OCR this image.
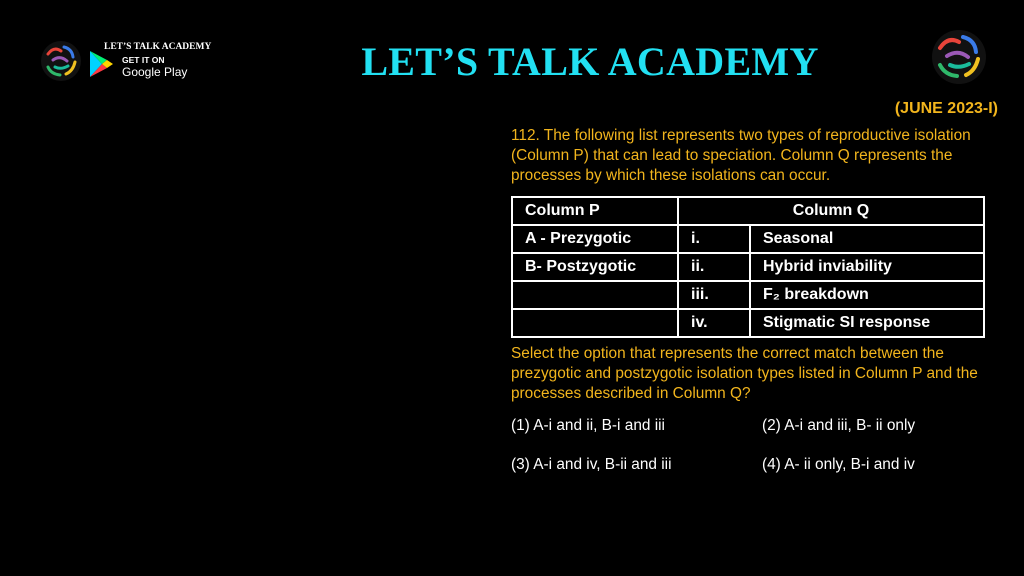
LET’S TALK ACADEMY
GET IT ON
Google Play	LET’S TALK ACADEMY
(JUNE 2023-I)
112. The following list represents two types of reproductive isolation (Column P) that can lead to speciation. Column Q represents the processes by which these isolations can occur.
Column P	Column Q	
A - Prezygotic	i.	Seasonal
B- Postzygotic	ii.	Hybrid inviability
	iii.	F₂ breakdown
	iv.	Stigmatic SI response
Select the option that represents the correct match between the prezygotic and postzygotic isolation types listed in Column P and the processes described in Column Q?
(1) A-i and ii, B-i and iii	(2) A-i and iii, B- ii only
(3) A-i and iv, B-ii and iii	(4) A- ii only, B-i and iv
